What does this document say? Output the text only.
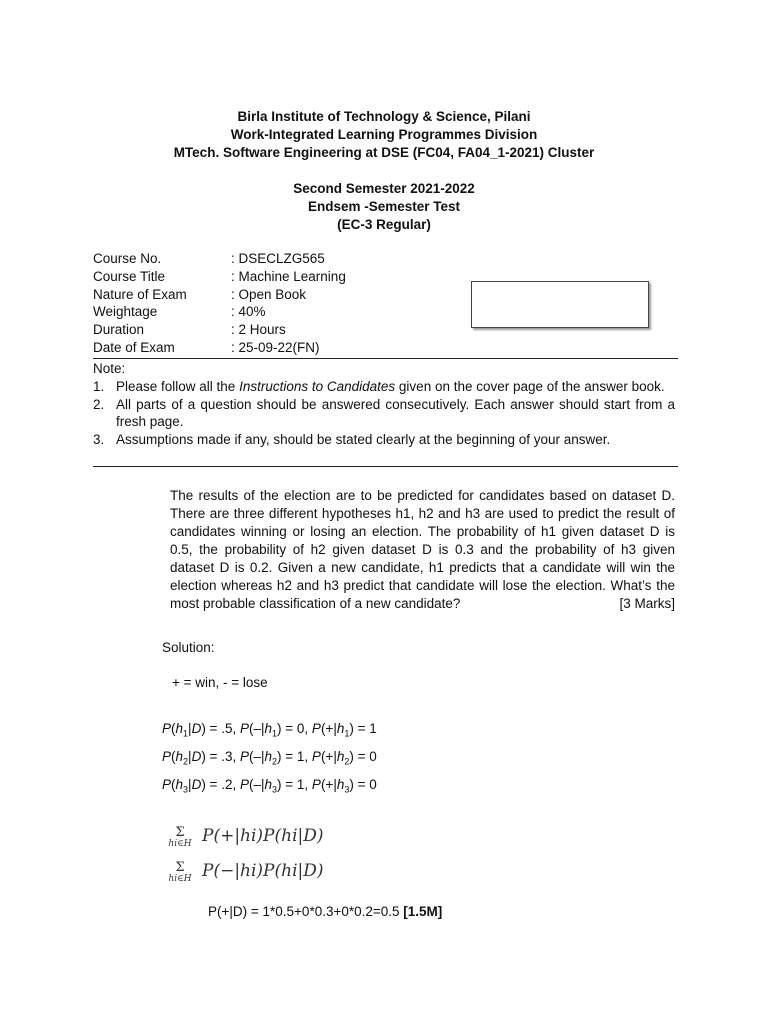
Birla Institute of Technology & Science, Pilani
Work-Integrated Learning Programmes Division
MTech. Software Engineering at DSE (FC04, FA04_1-2021) Cluster
Second Semester 2021-2022
Endsem -Semester Test
(EC-3 Regular)
Course No.	: DSECLZG565
Course Title	: Machine Learning
Nature of Exam	: Open Book
Weightage	: 40%
Duration	: 2 Hours
Date of Exam	: 25-09-22(FN)
Note:
1. Please follow all the Instructions to Candidates given on the cover page of the answer book.
2. All parts of a question should be answered consecutively. Each answer should start from a fresh page.
3. Assumptions made if any, should be stated clearly at the beginning of your answer.
The results of the election are to be predicted for candidates based on dataset D. There are three different hypotheses h1, h2 and h3 are used to predict the result of candidates winning or losing an election. The probability of h1 given dataset D is 0.5, the probability of h2 given dataset D is 0.3 and the probability of h3 given dataset D is 0.2. Given a new candidate, h1 predicts that a candidate will win the election whereas h2 and h3 predict that candidate will lose the election. What’s the most probable classification of a new candidate?	[3 Marks]
Solution:
+ = win, - = lose
$P(h_1|D) = .5$, $P(-|h_1) = 0$, $P(+|h_1) = 1$
$P(h_2|D) = .3$, $P(-|h_2) = 1$, $P(+|h_2) = 0$
$P(h_3|D) = .2$, $P(-|h_3) = 1$, $P(+|h_3) = 0$
Σ
hi∈H P(+|hi)P(hi|D)
Σ
hi∈H P(−|hi)P(hi|D)
P(+|D) = 1*0.5+0*0.3+0*0.2=0.5 [1.5M]
